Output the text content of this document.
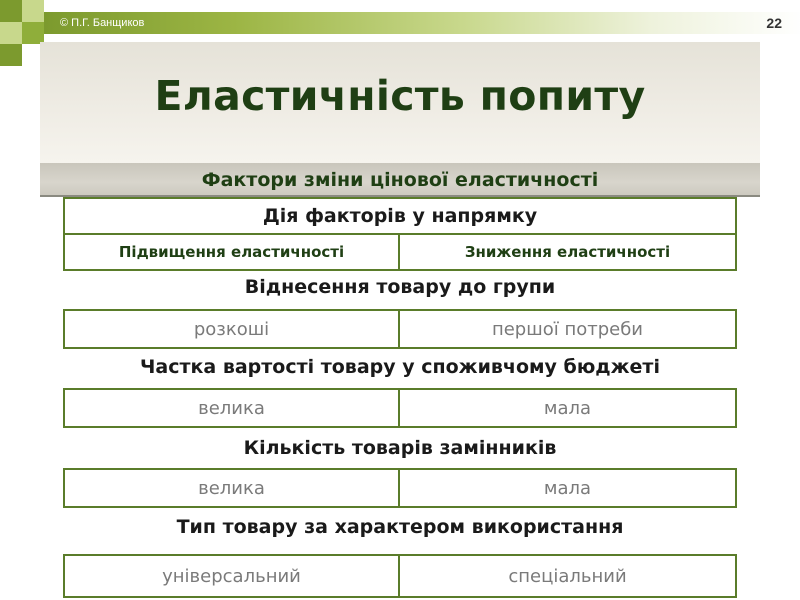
© П.Г. Банщиков	22
Еластичність попиту
Фактори зміни цінової еластичності
Дія факторів у напрямку
Підвищення еластичності	Зниження еластичності
Віднесення товару до групи
розкоші	першої потреби
Частка вартості товару у споживчому бюджеті
велика	мала
Кількість товарів замінників
велика	мала
Тип товару за характером використання
універсальний	спеціальний
